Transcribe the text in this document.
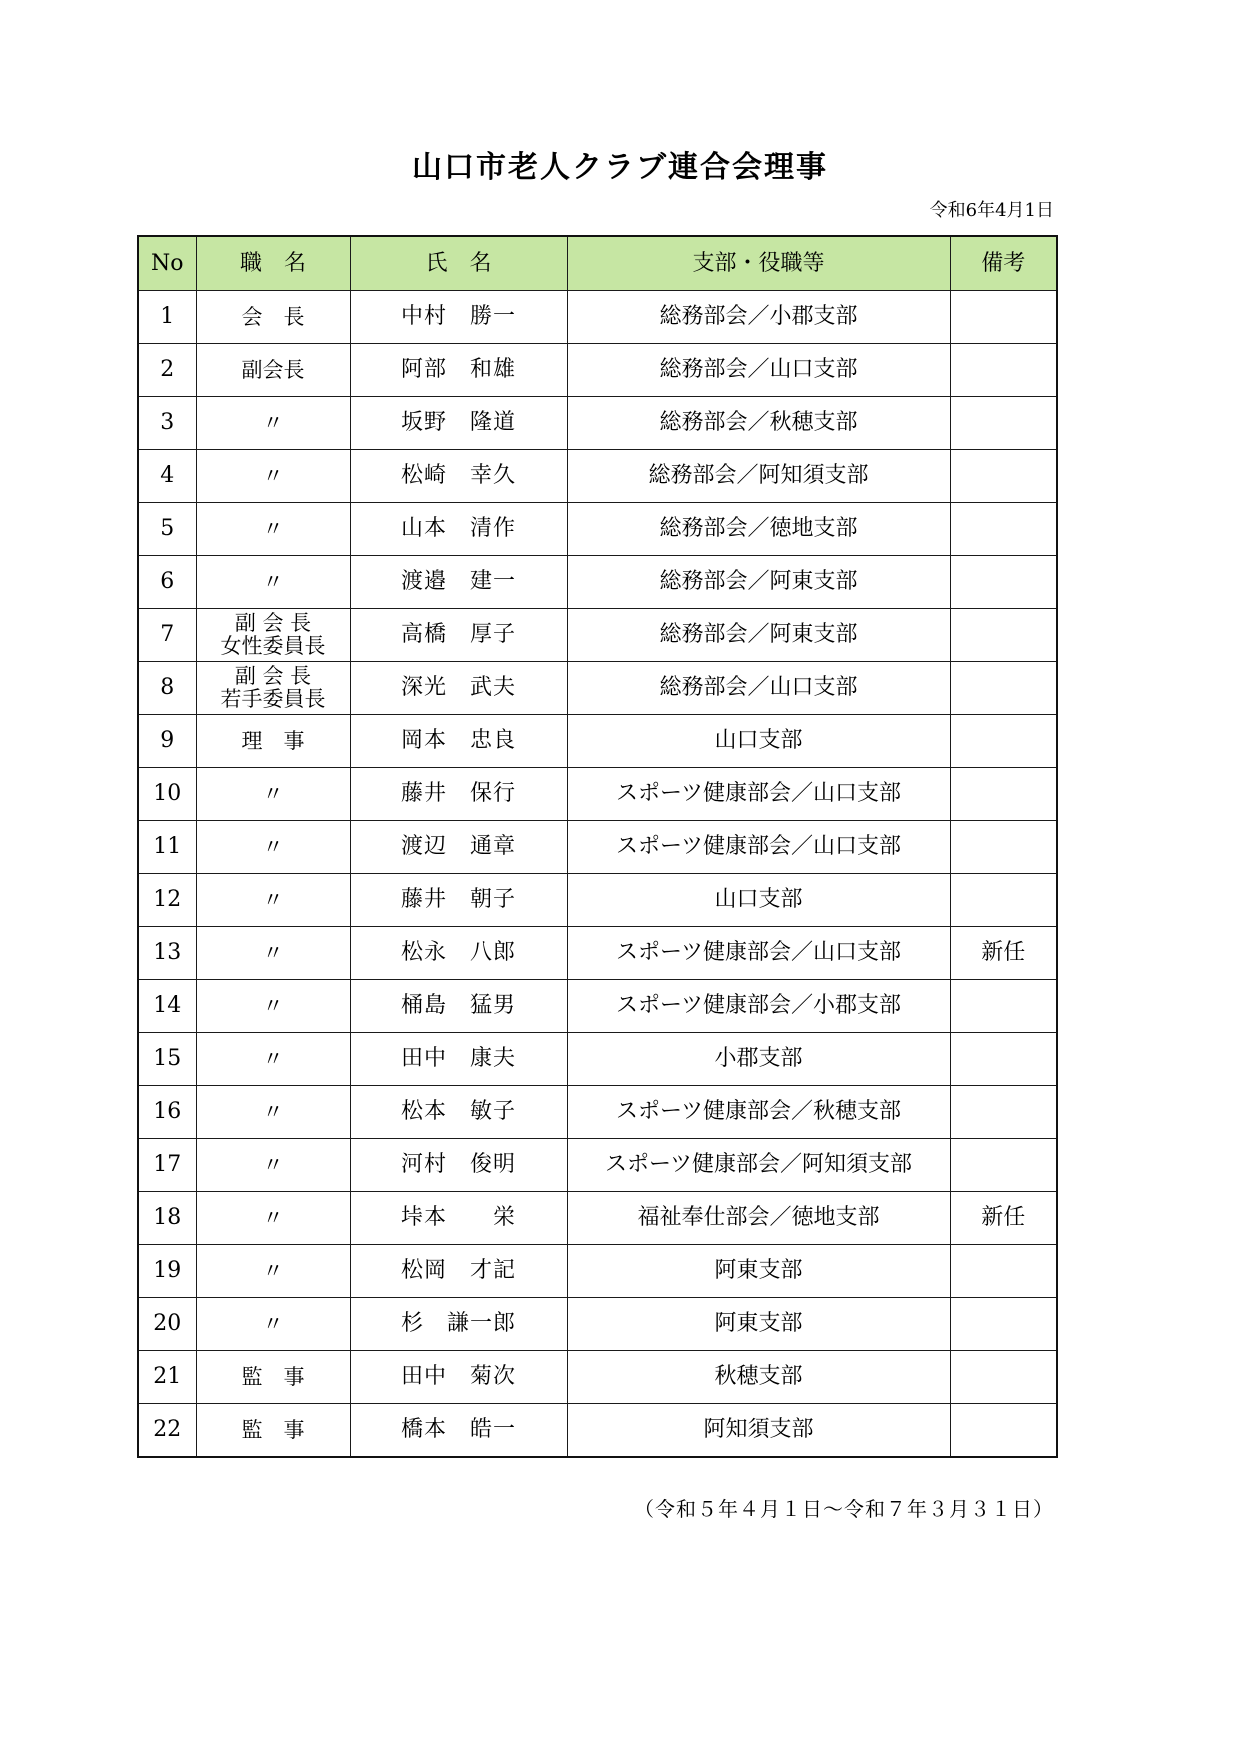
山口市老人クラブ連合会理事
令和6年4月1日
No	職　名	氏　名	支部・役職等	備考
1	会　長	中村　勝一	総務部会／小郡支部	
2	副会長	阿部　和雄	総務部会／山口支部	
3	〃	坂野　隆道	総務部会／秋穂支部	
4	〃	松崎　幸久	総務部会／阿知須支部	
5	〃	山本　清作	総務部会／徳地支部	
6	〃	渡邉　建一	総務部会／阿東支部	
7	副 会 長
女性委員長	高橋　厚子	総務部会／阿東支部	
8	副 会 長
若手委員長	深光　武夫	総務部会／山口支部	
9	理　事	岡本　忠良	山口支部	
10	〃	藤井　保行	スポーツ健康部会／山口支部	
11	〃	渡辺　通章	スポーツ健康部会／山口支部	
12	〃	藤井　朝子	山口支部	
13	〃	松永　八郎	スポーツ健康部会／山口支部	新任
14	〃	桶島　猛男	スポーツ健康部会／小郡支部	
15	〃	田中　康夫	小郡支部	
16	〃	松本　敏子	スポーツ健康部会／秋穂支部	
17	〃	河村　俊明	スポーツ健康部会／阿知須支部	
18	〃	垰本　　栄	福祉奉仕部会／徳地支部	新任
19	〃	松岡　才記	阿東支部	
20	〃	杉　謙一郎	阿東支部	
21	監　事	田中　菊次	秋穂支部	
22	監　事	橋本　皓一	阿知須支部	
（令和５年４月１日～令和７年３月３１日）
